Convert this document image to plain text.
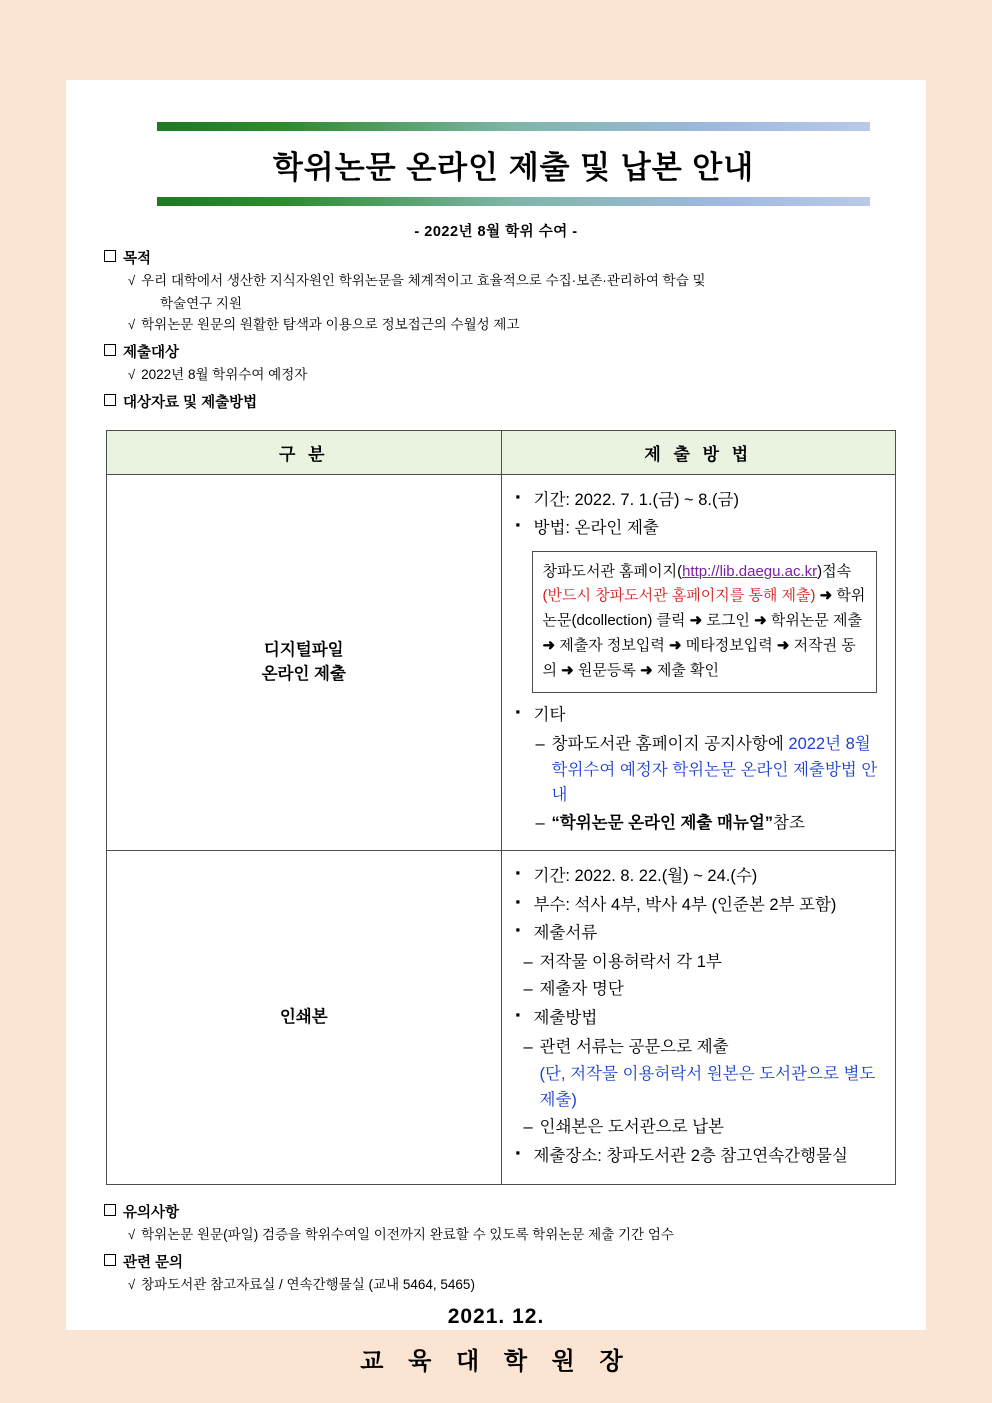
학위논문 온라인 제출 및 납본 안내
- 2022년 8월 학위 수여 -
목적
√ 우리 대학에서 생산한 지식자원인 학위논문을 체계적이고 효율적으로 수집·보존·관리하여 학습 및
학술연구 지원
√ 학위논문 원문의 원활한 탐색과 이용으로 정보접근의 수월성 제고
제출대상
√ 2022년 8월 학위수여 예정자
대상자료 및 제출방법
구 분	제 출 방 법
디지털파일
온라인 제출	
▪ 기간: 2022. 7. 1.(금) ~ 8.(금)
▪ 방법: 온라인 제출
창파도서관 홈페이지(http://lib.daegu.ac.kr)접속 (반드시 창파도서관 홈페이지를 통해 제출) ➜ 학위논문(dcollection) 클릭 ➜ 로그인 ➜ 학위논문 제출 ➜ 제출자 정보입력 ➜ 메타정보입력 ➜ 저작권 동의 ➜ 원문등록 ➜ 제출 확인
▪ 기타
– 창파도서관 홈페이지 공지사항에 2022년 8월 학위수여 예정자 학위논문 온라인 제출방법 안내
– “학위논문 온라인 제출 매뉴얼”참조

인쇄본	
▪ 기간: 2022. 8. 22.(월) ~ 24.(수)
▪ 부수: 석사 4부, 박사 4부 (인준본 2부 포함)
▪ 제출서류
– 저작물 이용허락서 각 1부
– 제출자 명단
▪ 제출방법
– 관련 서류는 공문으로 제출
(단, 저작물 이용허락서 원본은 도서관으로 별도 제출)
– 인쇄본은 도서관으로 납본
▪ 제출장소: 창파도서관 2층 참고연속간행물실
유의사항
√ 학위논문 원문(파일) 검증을 학위수여일 이전까지 완료할 수 있도록 학위논문 제출 기간 엄수
관련 문의
√ 창파도서관 참고자료실 / 연속간행물실 (교내 5464, 5465)
2021. 12.
교 육 대 학 원 장
